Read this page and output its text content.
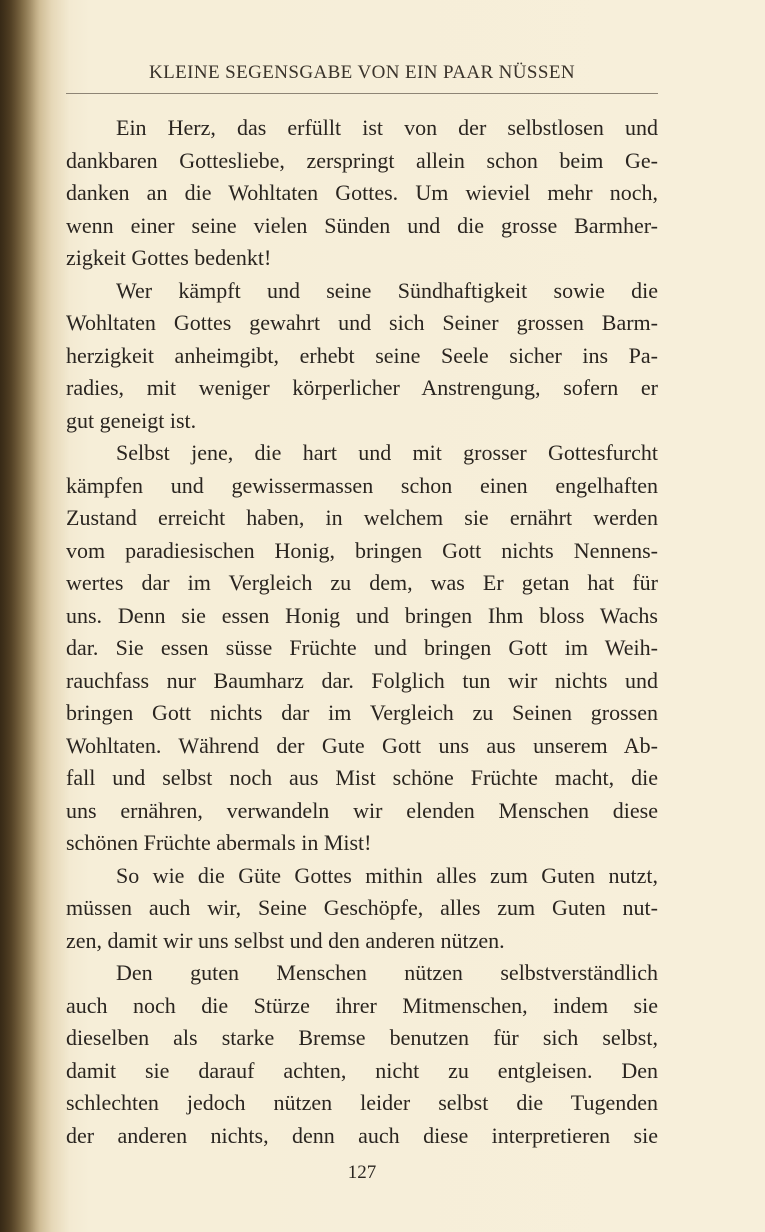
KLEINE SEGENSGABE VON EIN PAAR NÜSSEN
Ein Herz, das erfüllt ist von der selbstlosen und
dankbaren Gottesliebe, zerspringt allein schon beim Ge-
danken an die Wohltaten Gottes. Um wieviel mehr noch,
wenn einer seine vielen Sünden und die grosse Barmher-
zigkeit Gottes bedenkt!
Wer kämpft und seine Sündhaftigkeit sowie die
Wohltaten Gottes gewahrt und sich Seiner grossen Barm-
herzigkeit anheimgibt, erhebt seine Seele sicher ins Pa-
radies, mit weniger körperlicher Anstrengung, sofern er
gut geneigt ist.
Selbst jene, die hart und mit grosser Gottesfurcht
kämpfen und gewissermassen schon einen engelhaften
Zustand erreicht haben, in welchem sie ernährt werden
vom paradiesischen Honig, bringen Gott nichts Nennens-
wertes dar im Vergleich zu dem, was Er getan hat für
uns. Denn sie essen Honig und bringen Ihm bloss Wachs
dar. Sie essen süsse Früchte und bringen Gott im Weih-
rauchfass nur Baumharz dar. Folglich tun wir nichts und
bringen Gott nichts dar im Vergleich zu Seinen grossen
Wohltaten. Während der Gute Gott uns aus unserem Ab-
fall und selbst noch aus Mist schöne Früchte macht, die
uns ernähren, verwandeln wir elenden Menschen diese
schönen Früchte abermals in Mist!
So wie die Güte Gottes mithin alles zum Guten nutzt,
müssen auch wir, Seine Geschöpfe, alles zum Guten nut-
zen, damit wir uns selbst und den anderen nützen.
Den guten Menschen nützen selbstverständlich
auch noch die Stürze ihrer Mitmenschen, indem sie
dieselben als starke Bremse benutzen für sich selbst,
damit sie darauf achten, nicht zu entgleisen. Den
schlechten jedoch nützen leider selbst die Tugenden
der anderen nichts, denn auch diese interpretieren sie
127
